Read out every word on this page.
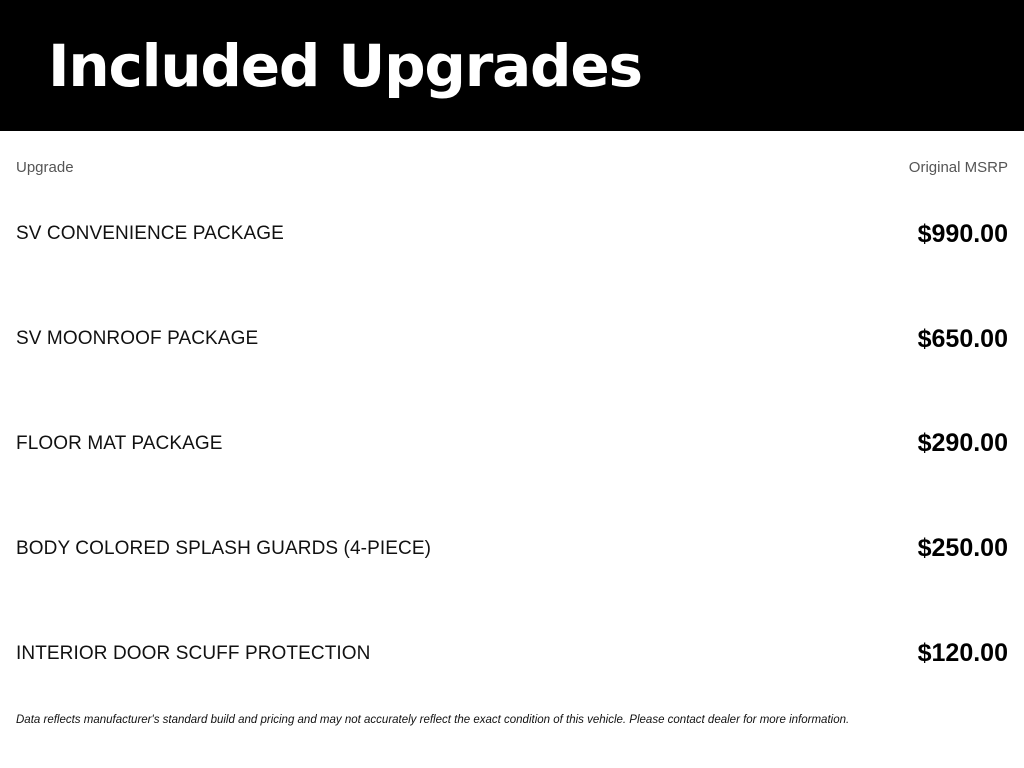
Included Upgrades
Upgrade	Original MSRP
SV CONVENIENCE PACKAGE	$990.00
SV MOONROOF PACKAGE	$650.00
FLOOR MAT PACKAGE	$290.00
BODY COLORED SPLASH GUARDS (4-PIECE)	$250.00
INTERIOR DOOR SCUFF PROTECTION	$120.00
Data reflects manufacturer's standard build and pricing and may not accurately reflect the exact condition of this vehicle. Please contact dealer for more information.
